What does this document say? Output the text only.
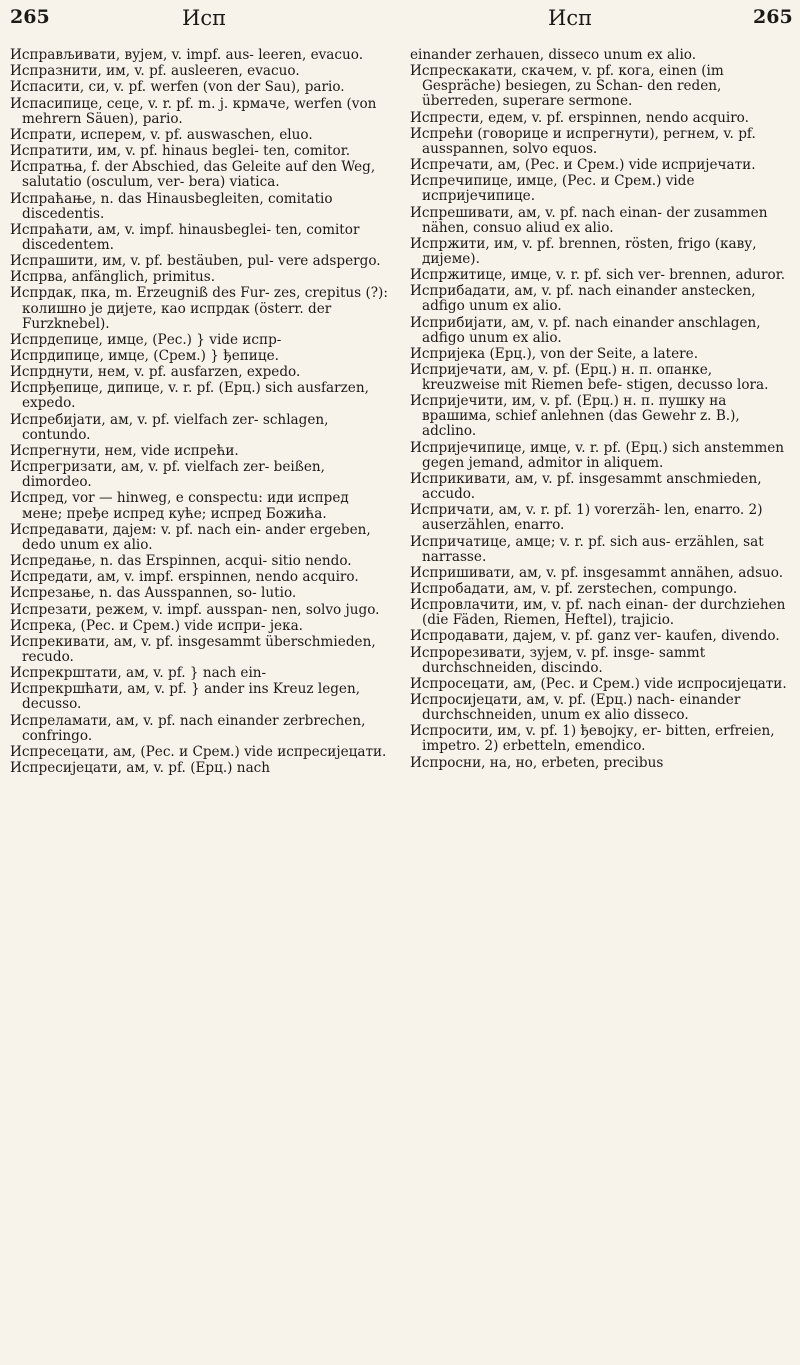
265	Исп	Исп	265

Исправљивати, вујем, v. impf. aus- leeren, evacuo.

Испразнити, им, v. pf. ausleeren, evacuo.

Испасити, си, v. pf. werfen (von der Sau), pario.

Испасипице, сеце, v. r. pf. m. j. крмаче, werfen (von mehrern Säuen), pario.

Испрати, исперем, v. pf. auswaschen, eluo.

Испратити, им, v. pf. hinaus beglei- ten, comitor.

Испратња, f. der Abschied, das Geleite auf den Weg, salutatio (osculum, ver- bera) viatica.

Испраћање, n. das Hinausbegleiten, comitatio discedentis.

Испраћати, ам, v. impf. hinausbeglei- ten, comitor discedentem.

Испрашити, им, v. pf. bestäuben, pul- vere adspergo.

Испрва, anfänglich, primitus.

Испрдак, пка, m. Erzeugniß des Fur- zes, crepitus (?): колишно је дијете, као испрдак (österr. der Furzknebel).

Испрдепице, имце, (Рес.) } vide испр-

Испрдипице, имце, (Срем.) } ђепице.

Испрднути, нем, v. pf. ausfarzen, expedo.

Испрђепице, дипице, v. r. pf. (Ерц.) sich ausfarzen, expedo.

Испребијати, ам, v. pf. vielfach zer- schlagen, contundo.

Испрегнути, нем, vide испрећи.

Испрегризати, ам, v. pf. vielfach zer- beißen, dimordeo.

Испред, vor — hinweg, e conspectu: иди испред мене; пређе испред куће; испред Божића.

Испредавати, дајем: v. pf. nach ein- ander ergeben, dedo unum ex alio.

Испредање, n. das Erspinnen, acqui- sitio nendo.

Испредати, ам, v. impf. erspinnen, nendo acquiro.

Испрезање, n. das Ausspannen, so- lutio.

Испрезати, режем, v. impf. ausspan- nen, solvo jugo.

Испрека, (Рес. и Срем.) vide испри- јека.

Испрекивати, ам, v. pf. insgesammt überschmieden, recudo.

Испрекрштати, ам, v. pf. } nach ein-

Испрекршћати, ам, v. pf. } ander ins Kreuz legen, decusso.

Испреламати, ам, v. pf. nach einander zerbrechen, confringo.

Испресецати, ам, (Рес. и Срем.) vide испресијецати.

Испресијецати, ам, v. pf. (Ерц.) nach

einander zerhauen, disseco unum ex alio.

Испрескакати, скачем, v. pf. кога, einen (im Gespräche) besiegen, zu Schan- den reden, überreden, superare sermone.

Испрести, едем, v. pf. erspinnen, nendo acquiro.

Испрећи (говорице и испрегнути), регнем, v. pf. ausspannen, solvo equos.

Испречати, ам, (Рес. и Срем.) vide испријечати.

Испречипице, имце, (Рес. и Срем.) vide испријечипице.

Испрешивати, ам, v. pf. nach einan- der zusammen nähen, consuo aliud ex alio.

Испржити, им, v. pf. brennen, rösten, frigo (каву, дијеме).

Испржитице, имце, v. r. pf. sich ver- brennen, aduror.

Исприбадати, ам, v. pf. nach einander anstecken, adfigo unum ex alio.

Исприбијати, ам, v. pf. nach einander anschlagen, adfigo unum ex alio.

Испријека (Ерц.), von der Seite, a latere.

Испријечати, ам, v. pf. (Ерц.) н. п. опанке, kreuzweise mit Riemen befe- stigen, decusso lora.

Испријечити, им, v. pf. (Ерц.) н. п. пушку на врашима, schief anlehnen (das Gewehr z. B.), adclino.

Испријечипице, имце, v. r. pf. (Ерц.) sich anstemmen gegen jemand, admitor in aliquem.

Исприкивати, ам, v. pf. insgesammt anschmieden, accudo.

Испричати, ам, v. r. pf. 1) vorerzäh- len, enarro. 2) auserzählen, enarro.

Испричатице, амце; v. r. pf. sich aus- erzählen, sat narrasse.

Испришивати, ам, v. pf. insgesammt annähen, adsuo.

Испробадати, ам, v. pf. zerstechen, compungo.

Испровлачити, им, v. pf. nach einan- der durchziehen (die Fäden, Riemen, Heftel), trajicio.

Испродавати, дајем, v. pf. ganz ver- kaufen, divendo.

Испрорезивати, зујем, v. pf. insge- sammt durchschneiden, discindo.

Испросецати, ам, (Рес. и Срем.) vide испросијецати.

Испросијецати, ам, v. pf. (Ерц.) nach- einander durchschneiden, unum ex alio disseco.

Испросити, им, v. pf. 1) ђевојку, er- bitten, erfreien, impetro. 2) erbetteln, emendico.

Испросни, на, но, erbeten, precibus
